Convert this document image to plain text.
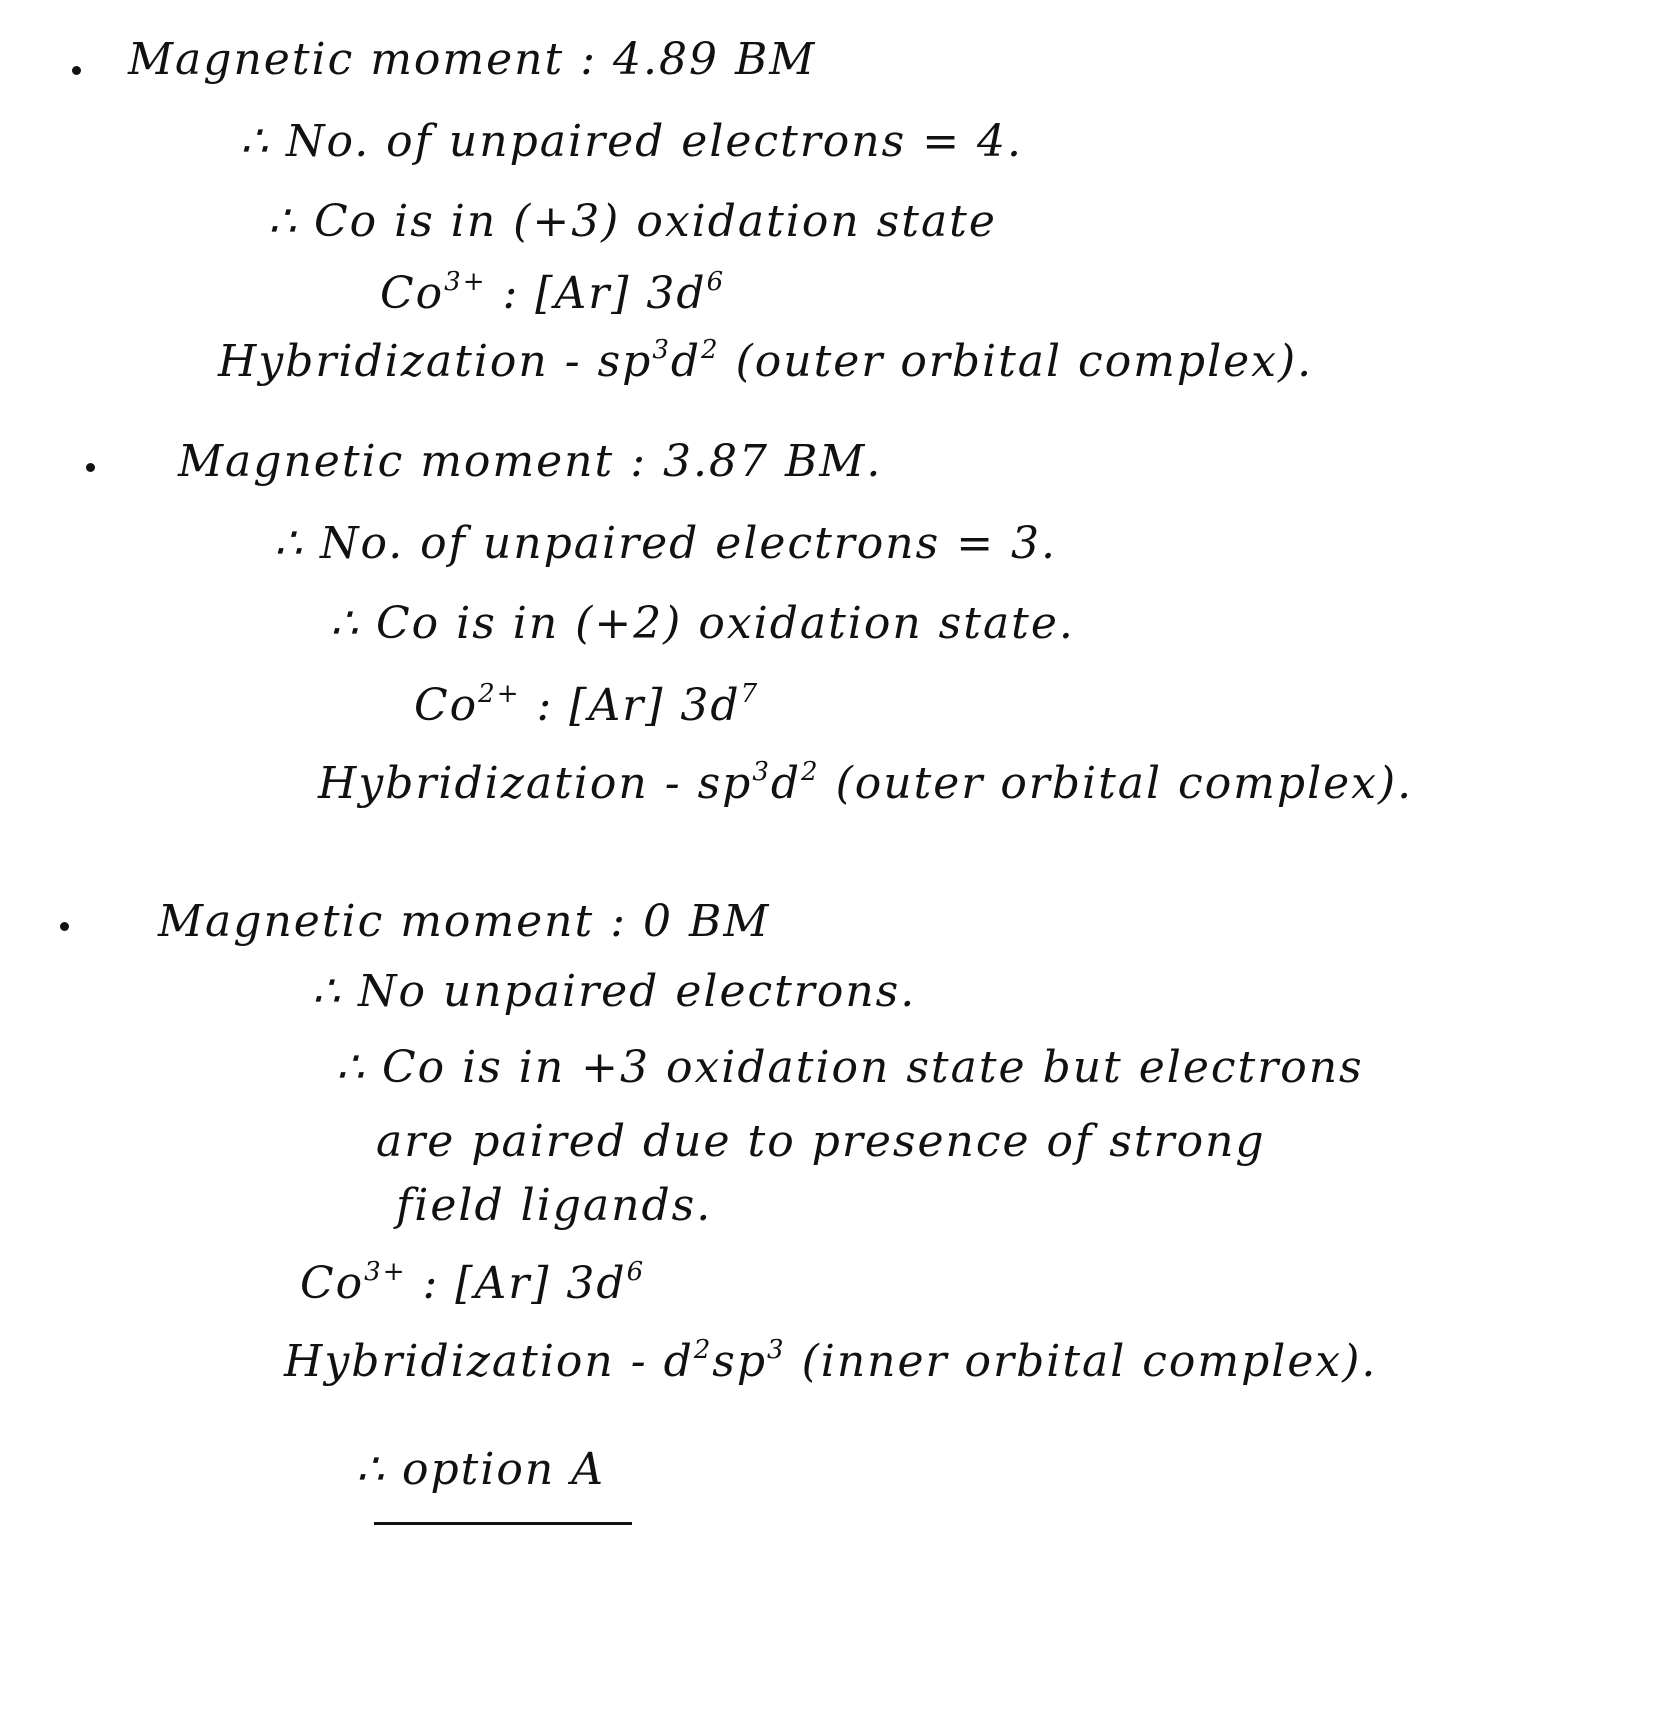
Magnetic moment : 4.89 BM
∴ No. of unpaired electrons = 4.
∴ Co is in (+3) oxidation state
$Co^{3+}$ : [Ar] $3d^6$
Hybridization - $sp^3d^2$ (outer orbital complex).
Magnetic moment : 3.87 BM.
∴ No. of unpaired electrons = 3.
∴ Co is in (+2) oxidation state.
$Co^{2+}$ : [Ar] $3d^7$
Hybridization - $sp^3d^2$ (outer orbital complex).
Magnetic moment : 0 BM
∴ No unpaired electrons.
∴ Co is in +3 oxidation state but electrons
are paired due to presence of strong
field ligands.
$Co^{3+}$ : [Ar] $3d^6$
Hybridization - $d^2sp^3$ (inner orbital complex).
∴ option A
